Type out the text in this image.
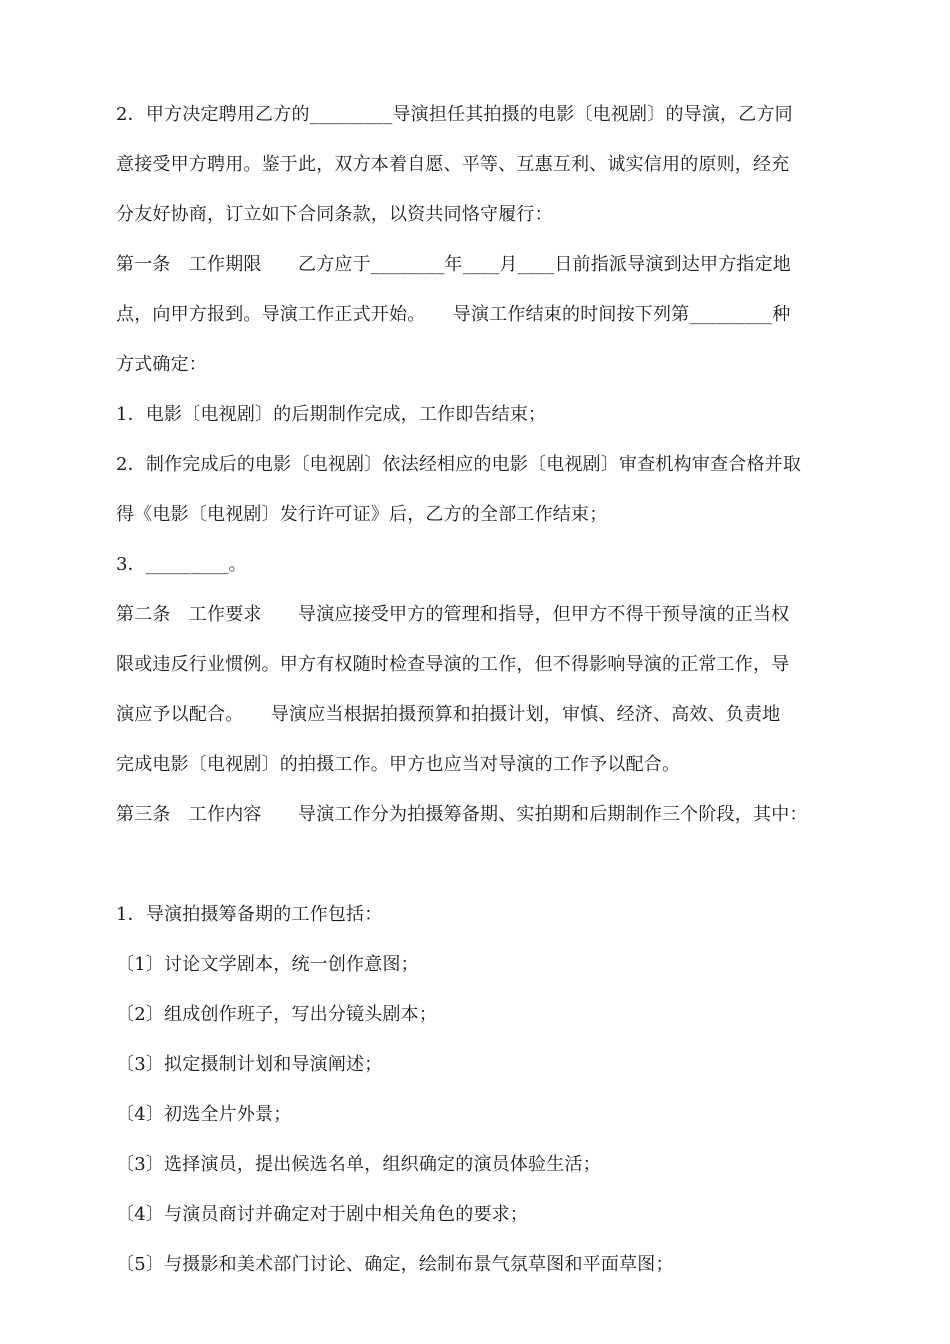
2．甲方决定聘用乙方的_________导演担任其拍摄的电影〔电视剧〕的导演，乙方同
意接受甲方聘用。鉴于此，双方本着自愿、平等、互惠互利、诚实信用的原则，经充
分友好协商，订立如下合同条款，以资共同恪守履行：
第一条　工作期限　　乙方应于________年____月____日前指派导演到达甲方指定地
点，向甲方报到。导演工作正式开始。　　导演工作结束的时间按下列第_________种
方式确定：
1．电影〔电视剧〕的后期制作完成，工作即告结束；
2．制作完成后的电影〔电视剧〕依法经相应的电影〔电视剧〕审查机构审查合格并取
得《电影〔电视剧〕发行许可证》后，乙方的全部工作结束；
3．_________。
第二条　工作要求　　导演应接受甲方的管理和指导，但甲方不得干预导演的正当权
限或违反行业惯例。甲方有权随时检查导演的工作，但不得影响导演的正常工作，导
演应予以配合。　　导演应当根据拍摄预算和拍摄计划，审慎、经济、高效、负责地
完成电影〔电视剧〕的拍摄工作。甲方也应当对导演的工作予以配合。
第三条　工作内容　　导演工作分为拍摄筹备期、实拍期和后期制作三个阶段，其中：
1．导演拍摄筹备期的工作包括：
〔1〕讨论文学剧本，统一创作意图；
〔2〕组成创作班子，写出分镜头剧本；
〔3〕拟定摄制计划和导演阐述；
〔4〕初选全片外景；
〔3〕选择演员，提出候选名单，组织确定的演员体验生活；
〔4〕与演员商讨并确定对于剧中相关角色的要求；
〔5〕与摄影和美术部门讨论、确定，绘制布景气氛草图和平面草图；
